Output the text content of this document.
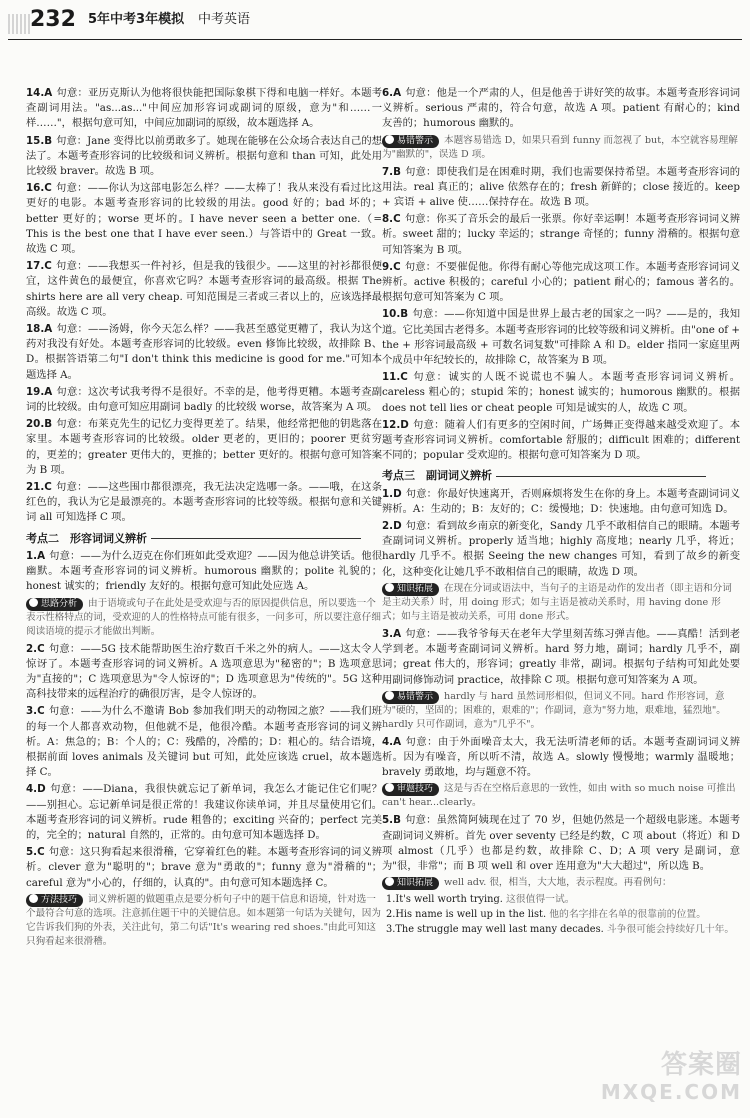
232 5年中考3年模拟 中考英语
14.A 句意：亚历克斯认为他将很快能把国际象棋下得和电脑一样好。本题考查副词用法。"as...as..."中间应加形容词或副词的原级，意为"和……一样……"，根据句意可知，中间应加副词的原级，故本题选择 A。
15.B 句意：Jane 变得比以前勇敢多了。她现在能够在公众场合表达自己的想法了。本题考查形容词的比较级和词义辨析。根据句意和 than 可知，此处用比较级 braver。故选 B 项。
16.C 句意：——你认为这部电影怎么样？——太棒了！我从来没有看过比这更好的电影。本题考查形容词的比较级的用法。good 好的；bad 坏的；better 更好的；worse 更坏的。I have never seen a better one.（= This is the best one that I have ever seen.）与答语中的 Great 一致。故选 C 项。
17.C 句意：——我想买一件衬衫，但是我的钱很少。——这里的衬衫都很便宜，这件黄色的最便宜，你喜欢它吗？本题考查形容词的最高级。根据 The shirts here are all very cheap. 可知范围是三者或三者以上的，应该选择最高级。故选 C 项。
18.A 句意：——汤姆，你今天怎么样？——我甚至感觉更糟了，我认为这个药对我没有好处。本题考查形容词的比较级。even 修饰比较级，故排除 B、D。根据答语第二句"I don't think this medicine is good for me."可知本题选择 A。
19.A 句意：这次考试我考得不是很好。不幸的是，他考得更糟。本题考查副词的比较级。由句意可知应用副词 badly 的比较级 worse，故答案为 A 项。
20.B 句意：布莱克先生的记忆力变得更差了。结果，他经常把他的钥匙落在家里。本题考查形容词的比较级。older 更老的，更旧的；poorer 更贫穷的，更差的；greater 更伟大的，更推的；better 更好的。根据句意可知答案为 B 项。
21.C 句意：——这些围巾都很漂亮，我无法决定选哪一条。——哦，在这条红色的，我认为它是最漂亮的。本题考查形容词的比较等级。根据句意和关键词 all 可知选择 C 项。
考点二　形容词词义辨析
1.A 句意：——为什么迈克在你们班如此受欢迎？——因为他总讲笑话。他很幽默。本题考查形容词的词义辨析。humorous 幽默的；polite 礼貌的；honest 诚实的；friendly 友好的。根据句意可知此处应选 A。
思路分析 由于语境或句子在此处是受欢迎与否的原因提供信息，所以要选一个表示性格特点的词，受欢迎的人的性格特点可能有很多，一问多可，所以要注意仔细阅读语境的提示才能做出判断。
2.C 句意：——5G 技术能帮助医生治疗数百千米之外的病人。——这太令人惊讶了。本题考查形容词的词义辨析。A 选项意思为"秘密的"；B 选项意思为"直接的"；C 选项意思为"令人惊讶的"；D 选项意思为"传统的"。5G 这种高科技带来的远程治疗的确很厉害，是令人惊讶的。
3.C 句意：——为什么不邀请 Bob 参加我们明天的动物园之旅？——我们班的每一个人都喜欢动物，但他就不是，他很冷酷。本题考查形容词的词义辨析。A：焦急的；B：个人的；C：残酷的，冷酷的；D：粗心的。结合语境，根据前面 loves animals 及关键词 but 可知，此处应该选 cruel，故本题选择 C。
4.D 句意：——Diana，我很快就忘记了新单词，我怎么才能记住它们呢？——别担心。忘记新单词是很正常的！我建议你读单词，并且尽量使用它们。本题考查形容词的词义辨析。rude 粗鲁的；exciting 兴奋的；perfect 完美的，完全的；natural 自然的，正常的。由句意可知本题选择 D。
5.C 句意：这只狗看起来很滑稽，它穿着红色的鞋。本题考查形容词的词义辨析。clever 意为"聪明的"；brave 意为"勇敢的"；funny 意为"滑稽的"；careful 意为"小心的，仔细的，认真的"。由句意可知本题选择 C。
方法技巧 词义辨析题的做题重点是要分析句子中的题干信息和语境，针对选一个最符合句意的选项。注意抓住题干中的关键信息。如本题第一句话为关键句，因为它告诉我们狗的外表，关注此句，第二句话"It's wearing red shoes."由此可知这只狗看起来很滑稽。
6.A 句意：他是一个严肃的人，但是他善于讲好笑的故事。本题考查形容词词义辨析。serious 严肃的，符合句意，故选 A 项。patient 有耐心的；kind 友善的；humorous 幽默的。
易错警示 本题容易错选 D，如果只看到 funny 而忽视了 but，本空就容易理解为"幽默的"，误选 D 项。
7.B 句意：即使我们是在困难时期，我们也需要保持希望。本题考查形容词的用法。real 真正的；alive 依然存在的；fresh 新鲜的；close 接近的。keep + 宾语 + alive 使……保持存在。故选 B 项。
8.C 句意：你买了音乐会的最后一张票。你好幸运啊！本题考查形容词词义辨析。sweet 甜的；lucky 幸运的；strange 奇怪的；funny 滑稽的。根据句意可知答案为 B 项。
9.C 句意：不要催促他。你得有耐心等他完成这项工作。本题考查形容词词义辨析。active 积极的；careful 小心的；patient 耐心的；famous 著名的。根据句意可知答案为 C 项。
10.B 句意：——你知道中国是世界上最古老的国家之一吗？——是的，我知道。它比美国古老得多。本题考查形容词的比较等级和词义辨析。由"one of + the + 形容词最高级 + 可数名词复数"可排除 A 和 D。elder 指同一家庭里两个成员中年纪较长的，故排除 C，故答案为 B 项。
11.C 句意：诚实的人既不说谎也不骗人。本题考查形容词词义辨析。careless 粗心的；stupid 笨的；honest 诚实的；humorous 幽默的。根据 does not tell lies or cheat people 可知是诚实的人，故选 C 项。
12.D 句意：随着人们有更多的空闲时间，广场舞正变得越来越受欢迎了。本题考查形容词词义辨析。comfortable 舒服的；difficult 困难的；different 不同的；popular 受欢迎的。根据句意可知答案为 D 项。
考点三　副词词义辨析
1.D 句意：你最好快速离开，否则麻烦将发生在你的身上。本题考查副词词义辨析。A：生动的；B：友好的；C：缓慢地；D：快速地。由句意可知选 D。
2.D 句意：看到故乡南京的新变化，Sandy 几乎不敢相信自己的眼睛。本题考查副词词义辨析。properly 适当地；highly 高度地；nearly 几乎，将近；hardly 几乎不。根据 Seeing the new changes 可知，看到了故乡的新变化，这种变化让她几乎不敢相信自己的眼睛，故选 D 项。
知识拓展 在现在分词或语法中，当句子的主语是动作的发出者（即主语和分词是主动关系）时，用 doing 形式；如与主语是被动关系时，用 having done 形式；如与主语是被动关系，可用 done 形式。
3.A 句意：——我爷爷每天在老年大学里刻苦练习弹吉他。——真酷！活到老学到老。本题考查副词词义辨析。hard 努力地，副词；hardly 几乎不，副词；great 伟大的，形容词；greatly 非常，副词。根据句子结构可知此处要用副词修饰动词 practice，故排除 C 项。根据句意可知答案为 A 项。
易错警示 hardly 与 hard 虽然词形相似，但词义不同。hard 作形容词，意为"硬的，坚固的；困难的，艰难的"；作副词，意为"努力地，艰难地，猛烈地"。hardly 只可作副词，意为"几乎不"。
4.A 句意：由于外面噪音太大，我无法听清老师的话。本题考查副词词义辨析。因为有噪音，所以听不清，故选 A。slowly 慢慢地；warmly 温暖地；bravely 勇敢地，均与题意不符。
审题技巧 这是与否在空格后意思的一致性，如由 with so much noise 可推出 can't hear...clearly。
5.B 句意：虽然简阿姨现在过了 70 岁，但她仍然是一个超级电影迷。本题考查副词词义辨析。首先 over seventy 已经是约数，C 项 about（将近）和 D 项 almost（几乎）也都是约数，故排除 C、D；A 项 very 是副词，意为"很，非常"；而 B 项 well 和 over 连用意为"大大超过"，所以选 B。
知识拓展 well adv. 很，相当，大大地，表示程度。再看例句：
1.It's well worth trying. 这很值得一试。
2.His name is well up in the list. 他的名字排在名单的很靠前的位置。
3.The struggle may well last many decades. 斗争很可能会持续好几十年。
答案圈
MXQE.COM
